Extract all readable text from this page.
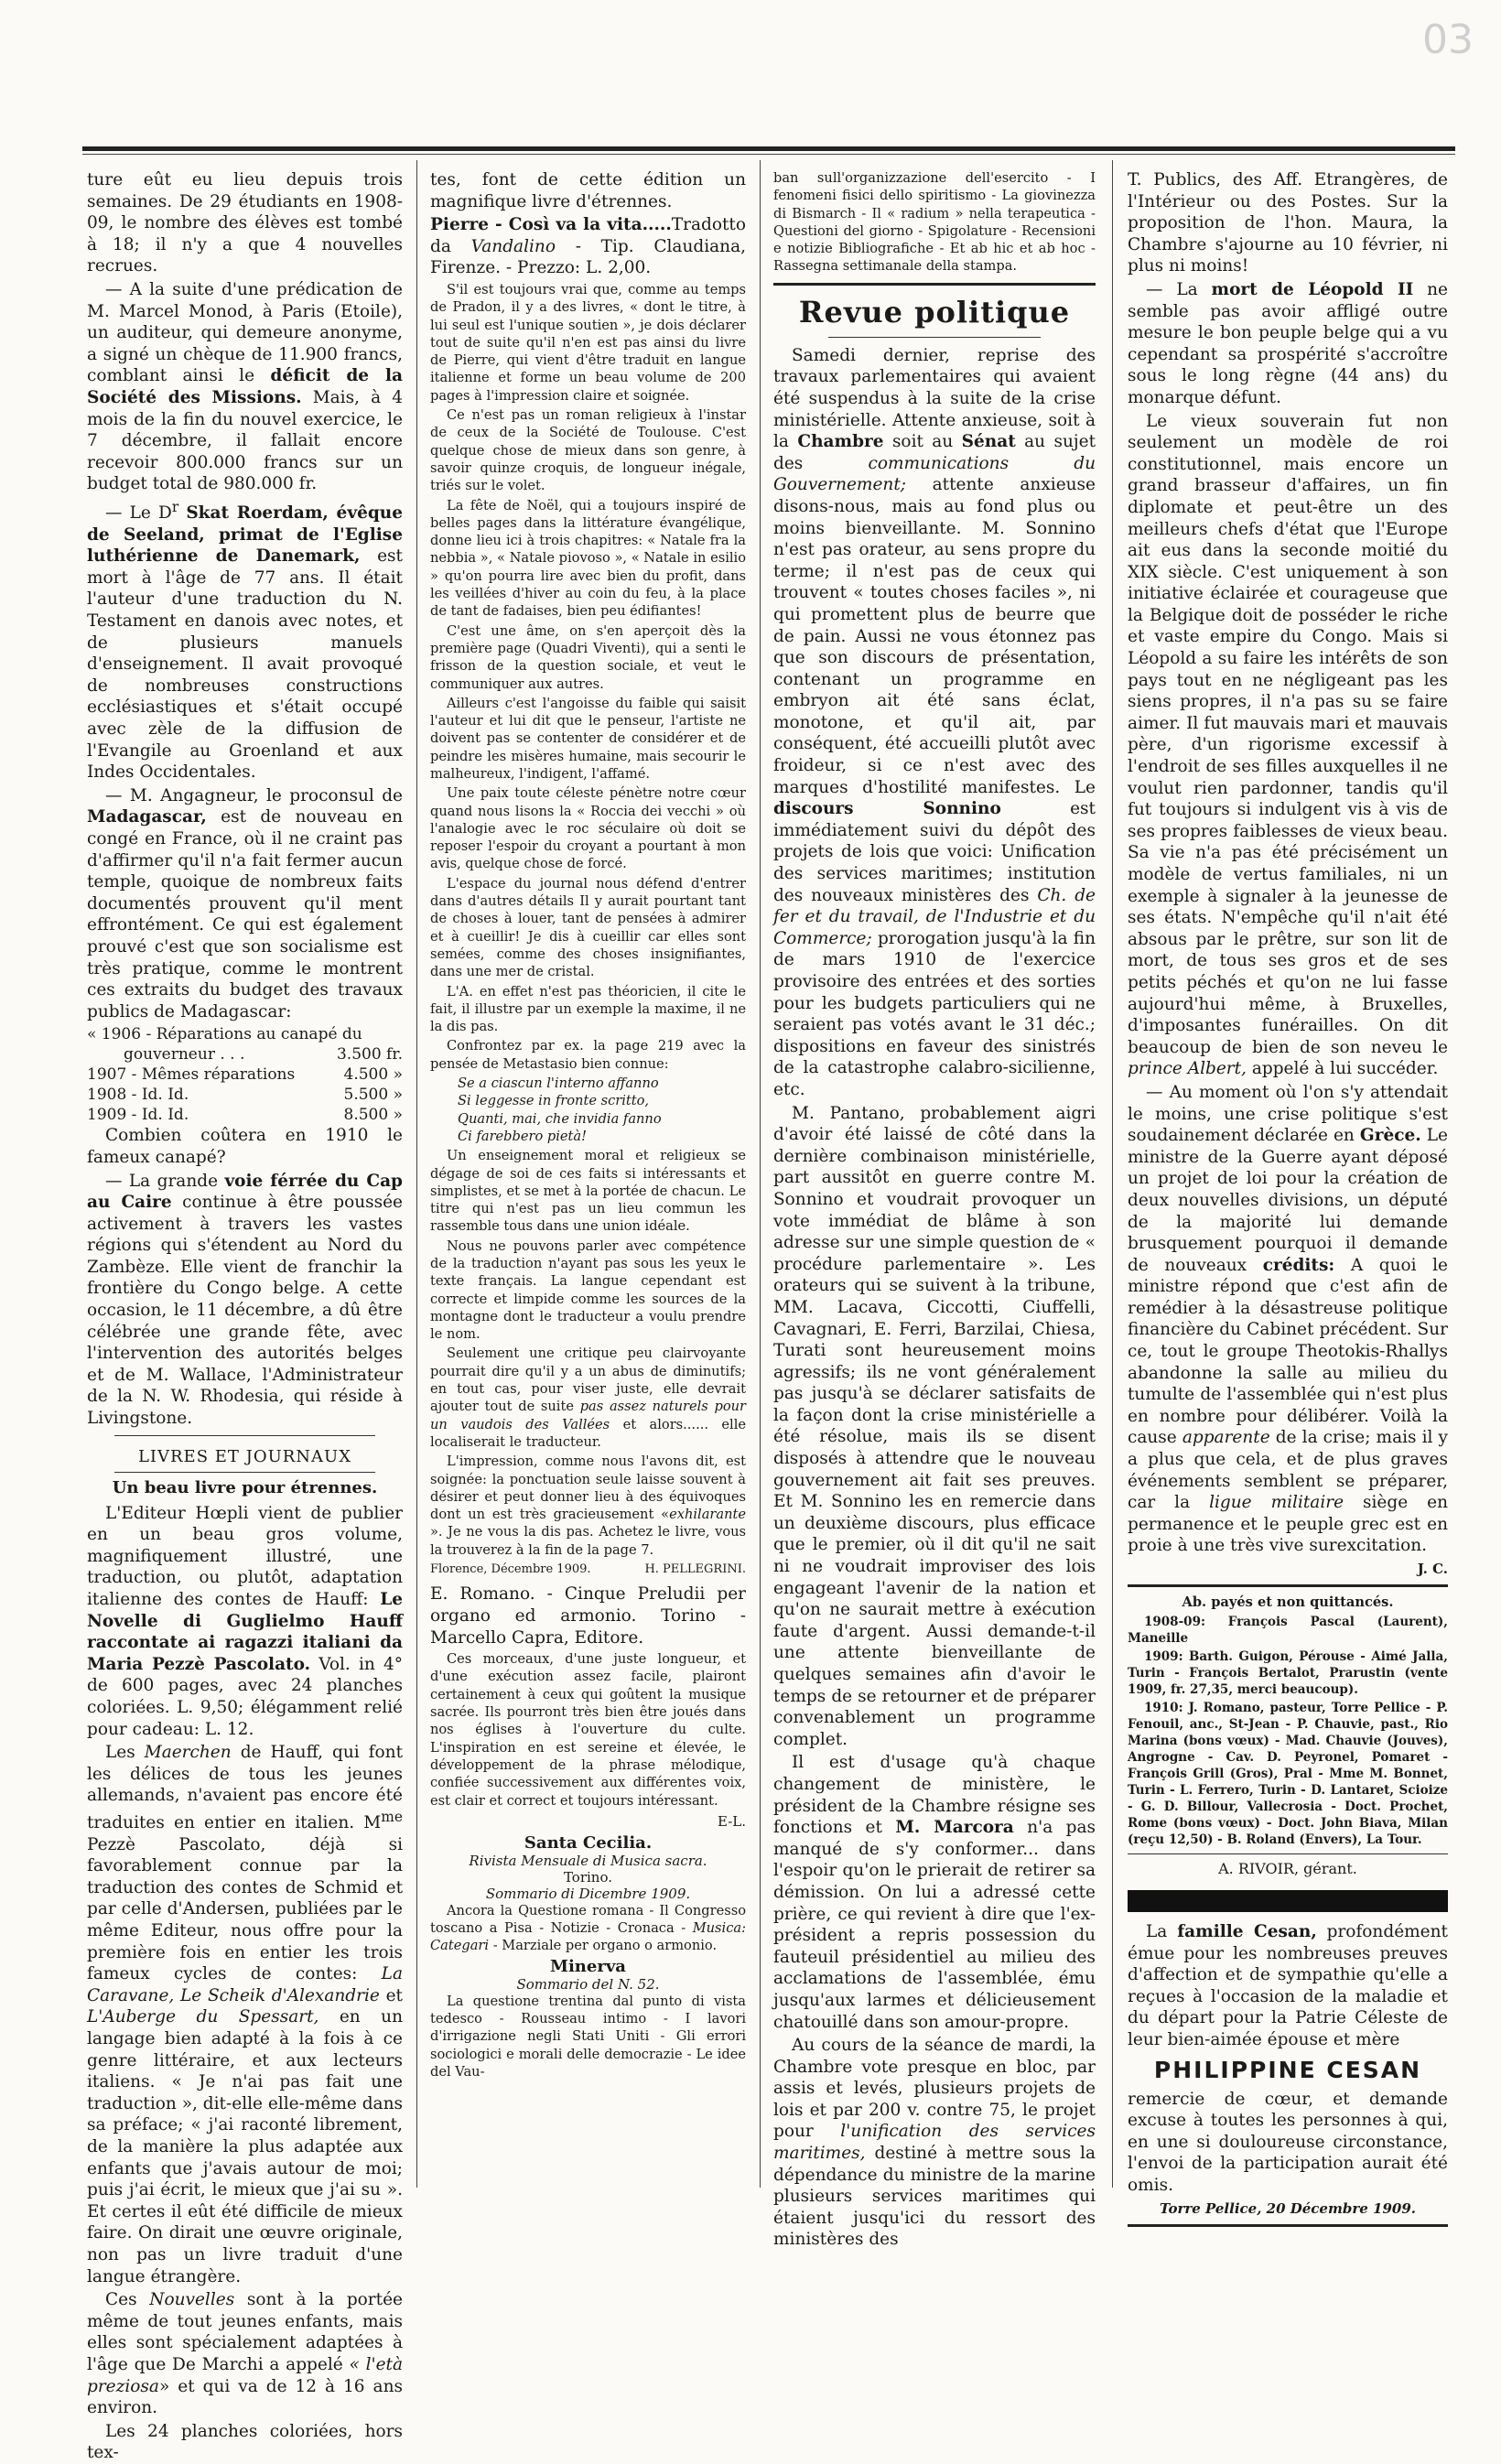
03

ture eût eu lieu depuis trois semaines. De 29 étudiants en 1908-09, le nombre des élèves est tombé à 18; il n'y a que 4 nouvelles recrues.

— A la suite d'une prédication de M. Marcel Monod, à Paris (Etoile), un auditeur, qui demeure anonyme, a signé un chèque de 11.900 francs, comblant ainsi le déficit de la Société des Missions. Mais, à 4 mois de la fin du nouvel exercice, le 7 décembre, il fallait encore recevoir 800.000 francs sur un budget total de 980.000 fr.

— Le $D^r$ Skat Roerdam, évêque de Seeland, primat de l'Eglise luthérienne de Danemark, est mort à l'âge de 77 ans. Il était l'auteur d'une traduction du N. Testament en danois avec notes, et de plusieurs manuels d'enseignement. Il avait provoqué de nombreuses constructions ecclésiastiques et s'était occupé avec zèle de la diffusion de l'Evangile au Groenland et aux Indes Occidentales.

— M. Angagneur, le proconsul de Madagascar, est de nouveau en congé en France, où il ne craint pas d'affirmer qu'il n'a fait fermer aucun temple, quoique de nombreux faits documentés prouvent qu'il ment effrontément. Ce qui est également prouvé c'est que son socialisme est très pratique, comme le montrent ces extraits du budget des travaux publics de Madagascar:

« 1906 - Réparations au canapé du
gouverneur . . .	3.500 fr.
1907 - Mêmes réparations	4.500 »
1908 - Id. Id.	5.500 »
1909 - Id. Id.	8.500 »

Combien coûtera en 1910 le fameux canapé?

— La grande voie férrée du Cap au Caire continue à être poussée activement à travers les vastes régions qui s'étendent au Nord du Zambèze. Elle vient de franchir la frontière du Congo belge. A cette occasion, le 11 décembre, a dû être célébrée une grande fête, avec l'intervention des autorités belges et de M. Wallace, l'Administrateur de la N. W. Rhodesia, qui réside à Livingstone.

LIVRES ET JOURNAUX
Un beau livre pour étrennes.

L'Editeur Hœpli vient de publier en un beau gros volume, magnifiquement illustré, une traduction, ou plutôt, adaptation italienne des contes de Hauff: Le Novelle di Guglielmo Hauff raccontate ai ragazzi italiani da Maria Pezzè Pascolato. Vol. in 4° de 600 pages, avec 24 planches coloriées. L. 9,50; élégamment relié pour cadeau: L. 12.

Les Maerchen de Hauff, qui font les délices de tous les jeunes allemands, n'avaient pas encore été traduites en entier en italien. $M^{me}$ Pezzè Pascolato, déjà si favorablement connue par la traduction des contes de Schmid et par celle d'Andersen, publiées par le même Editeur, nous offre pour la première fois en entier les trois fameux cycles de contes: La Caravane, Le Scheik d'Alexandrie et L'Auberge du Spessart, en un langage bien adapté à la fois à ce genre littéraire, et aux lecteurs italiens. « Je n'ai pas fait une traduction », dit-elle elle-même dans sa préface; « j'ai raconté librement, de la manière la plus adaptée aux enfants que j'avais autour de moi; puis j'ai écrit, le mieux que j'ai su ». Et certes il eût été difficile de mieux faire. On dirait une œuvre originale, non pas un livre traduit d'une langue étrangère.

Ces Nouvelles sont à la portée même de tout jeunes enfants, mais elles sont spécialement adaptées à l'âge que De Marchi a appelé « l'età preziosa» et qui va de 12 à 16 ans environ.

Les 24 planches coloriées, hors tex-

tes, font de cette édition un magnifique livre d'étrennes.

Pierre - Così va la vita.....Tradotto da Vandalino - Tip. Claudiana, Firenze. - Prezzo: L. 2,00.

S'il est toujours vrai que, comme au temps de Pradon, il y a des livres, « dont le titre, à lui seul est l'unique soutien », je dois déclarer tout de suite qu'il n'en est pas ainsi du livre de Pierre, qui vient d'être traduit en langue italienne et forme un beau volume de 200 pages à l'impression claire et soignée.

Ce n'est pas un roman religieux à l'instar de ceux de la Société de Toulouse. C'est quelque chose de mieux dans son genre, à savoir quinze croquis, de longueur inégale, triés sur le volet.

La fête de Noël, qui a toujours inspiré de belles pages dans la littérature évangélique, donne lieu ici à trois chapitres: « Natale fra la nebbia », « Natale piovoso », « Natale in esilio » qu'on pourra lire avec bien du profit, dans les veillées d'hiver au coin du feu, à la place de tant de fadaises, bien peu édifiantes!

C'est une âme, on s'en aperçoit dès la première page (Quadri Viventi), qui a senti le frisson de la question sociale, et veut le communiquer aux autres.

Ailleurs c'est l'angoisse du faible qui saisit l'auteur et lui dit que le penseur, l'artiste ne doivent pas se contenter de considérer et de peindre les misères humaine, mais secourir le malheureux, l'indigent, l'affamé.

Une paix toute céleste pénètre notre cœur quand nous lisons la « Roccia dei vecchi » où l'analogie avec le roc séculaire où doit se reposer l'espoir du croyant a pourtant à mon avis, quelque chose de forcé.

L'espace du journal nous défend d'entrer dans d'autres détails Il y aurait pourtant tant de choses à louer, tant de pensées à admirer et à cueillir! Je dis à cueillir car elles sont semées, comme des choses insignifiantes, dans une mer de cristal.

L'A. en effet n'est pas théoricien, il cite le fait, il illustre par un exemple la maxime, il ne la dis pas.

Confrontez par ex. la page 219 avec la pensée de Metastasio bien connue:

Se a ciascun l'interno affanno
Si leggesse in fronte scritto,
Quanti, mai, che invidia fanno
Ci farebbero pietà!

Un enseignement moral et religieux se dégage de soi de ces faits si intéressants et simplistes, et se met à la portée de chacun. Le titre qui n'est pas un lieu commun les rassemble tous dans une union idéale.

Nous ne pouvons parler avec compétence de la traduction n'ayant pas sous les yeux le texte français. La langue cependant est correcte et limpide comme les sources de la montagne dont le traducteur a voulu prendre le nom.

Seulement une critique peu clairvoyante pourrait dire qu'il y a un abus de diminutifs; en tout cas, pour viser juste, elle devrait ajouter tout de suite pas assez naturels pour un vaudois des Vallées et alors...... elle localiserait le traducteur.

L'impression, comme nous l'avons dit, est soignée: la ponctuation seule laisse souvent à désirer et peut donner lieu à des équivoques dont un est très gracieusement «exhilarante ». Je ne vous la dis pas. Achetez le livre, vous la trouverez à la fin de la page 7.

Florence, Décembre 1909.	H. PELLEGRINI.

E. Romano. - Cinque Preludii per organo ed armonio. Torino - Marcello Capra, Editore.

Ces morceaux, d'une juste longueur, et d'une exécution assez facile, plairont certainement à ceux qui goûtent la musique sacrée. Ils pourront très bien être joués dans nos églises à l'ouverture du culte. L'inspiration en est sereine et élevée, le développement de la phrase mélodique, confiée successivement aux différentes voix, est clair et correct et toujours intéressant.

E-L.
Santa Cecilia.
Rivista Mensuale di Musica sacra.
Torino.
Sommario di Dicembre 1909.

Ancora la Questione romana - Il Congresso toscano a Pisa - Notizie - Cronaca - Musica: Categari - Marziale per organo o armonio.

Minerva
Sommario del N. 52.

La questione trentina dal punto di vista tedesco - Rousseau intimo - I lavori d'irrigazione negli Stati Uniti - Gli errori sociologici e morali delle democrazie - Le idee del Vau-

ban sull'organizzazione dell'esercito - I fenomeni fisici dello spiritismo - La giovinezza di Bismarch - Il « radium » nella terapeutica - Questioni del giorno - Spigolature - Recensioni e notizie Bibliografiche - Et ab hic et ab hoc - Rassegna settimanale della stampa.

Revue politique

Samedi dernier, reprise des travaux parlementaires qui avaient été suspendus à la suite de la crise ministérielle. Attente anxieuse, soit à la Chambre soit au Sénat au sujet des	communications du Gouvernement; attente anxieuse disons-nous, mais au fond plus ou moins bienveillante. M. Sonnino n'est pas orateur, au sens propre du terme; il n'est pas de ceux qui trouvent « toutes choses faciles », ni qui promettent plus de beurre que de pain. Aussi ne vous étonnez pas que son discours de présentation, contenant un programme en embryon ait été sans éclat, monotone, et qu'il ait, par conséquent, été accueilli plutôt avec froideur, si ce n'est avec des marques d'hostilité manifestes. Le discours Sonnino	est immédiatement suivi du dépôt des projets de lois que voici: Unification des services maritimes; institution des nouveaux ministères des Ch. de fer et du travail, de l'Industrie et du Commerce; prorogation jusqu'à la fin de mars 1910 de l'exercice provisoire des entrées et des sorties pour les budgets particuliers qui ne seraient pas votés avant le 31 déc.; dispositions en faveur des sinistrés de la catastrophe calabro-sicilienne, etc.

M. Pantano, probablement aigri d'avoir été laissé de côté dans la dernière combinaison ministérielle, part aussitôt en guerre contre M. Sonnino et voudrait provoquer un vote immédiat de blâme à son adresse sur une simple question de « procédure parlementaire ». Les orateurs qui se suivent à la tribune, MM. Lacava, Ciccotti, Ciuffelli, Cavagnari, E. Ferri, Barzilai, Chiesa, Turati sont heureusement moins agressifs; ils ne vont généralement pas jusqu'à se déclarer satisfaits de la façon dont la crise ministérielle a été résolue, mais ils se disent disposés à attendre que le nouveau gouvernement ait fait ses preuves. Et M. Sonnino les en remercie dans un deuxième discours, plus efficace que le premier, où il dit qu'il ne sait ni ne voudrait improviser des lois engageant l'avenir de la nation et qu'on ne saurait mettre à exécution faute d'argent. Aussi demande-t-il une attente bienveillante de quelques semaines afin d'avoir le temps de se retourner et de préparer convenablement un programme complet.

Il est d'usage qu'à chaque changement de ministère, le président de la Chambre résigne ses fonctions et M. Marcora n'a pas manqué de s'y conformer... dans l'espoir qu'on le prierait de retirer sa démission. On lui a adressé cette prière, ce qui revient à dire que l'ex-président a repris possession du fauteuil présidentiel au milieu des acclamations de l'assemblée, ému jusqu'aux larmes et délicieusement chatouillé dans son amour-propre.

Au cours de la séance de mardi, la Chambre vote presque en bloc, par assis et levés, plusieurs projets de lois et par 200 v. contre 75, le projet pour l'unification des services maritimes, destiné à mettre sous la dépendance du ministre de la marine plusieurs services maritimes qui étaient jusqu'ici du ressort des ministères des

T. Publics, des Aff. Etrangères, de l'Intérieur ou des Postes. Sur la proposition de l'hon. Maura, la Chambre s'ajourne au 10 février, ni plus ni moins!

— La mort de Léopold II ne semble pas avoir affligé outre mesure le bon peuple belge qui a vu cependant sa prospérité s'accroître sous le long règne (44 ans) du monarque défunt.

Le vieux souverain fut non seulement un modèle de roi constitutionnel, mais encore un grand brasseur d'affaires, un fin diplomate et peut-être un des meilleurs chefs d'état que l'Europe ait eus dans la seconde moitié du XIX siècle. C'est uniquement à son initiative éclairée et courageuse que la Belgique doit de posséder le riche et vaste empire du Congo. Mais si Léopold a su faire les intérêts de son pays tout en ne négligeant pas les siens propres, il n'a pas su se faire aimer. Il fut mauvais mari et mauvais père, d'un rigorisme excessif à l'endroit de ses filles auxquelles il ne voulut rien pardonner, tandis qu'il fut toujours si indulgent vis à vis de ses propres faiblesses de vieux beau. Sa vie n'a pas été précisément un modèle de vertus familiales, ni un exemple à signaler à la jeunesse de ses états. N'empêche qu'il n'ait été absous par le prêtre, sur son lit de mort, de tous ses gros et de ses petits péchés et qu'on ne lui fasse aujourd'hui même, à Bruxelles, d'imposantes funérailles. On dit beaucoup de bien de son neveu le prince Albert, appelé à lui succéder.

— Au moment où l'on s'y attendait le moins, une crise politique s'est soudainement déclarée en Grèce. Le ministre de la Guerre ayant déposé un projet de loi pour la création de deux nouvelles divisions, un député de la majorité lui demande brusquement pourquoi il demande de nouveaux crédits: A quoi le ministre répond que c'est afin de remédier à la désastreuse politique financière du Cabinet précédent. Sur ce, tout le groupe Theotokis-Rhallys abandonne la salle au milieu du tumulte de l'assemblée qui n'est plus en nombre pour délibérer. Voilà la cause apparente de la crise; mais il y a plus que cela, et de plus graves événements semblent se préparer, car la ligue militaire siège en permanence et le peuple grec est en proie à une très vive surexcitation.

J. C.
Ab. payés et non quittancés.

1908-09: François Pascal (Laurent), Maneille

1909: Barth. Guigon, Pérouse - Aimé Jalla, Turin - François Bertalot, Prarustin (vente 1909, fr. 27,35, merci beaucoup).

1910: J. Romano, pasteur, Torre Pellice - P. Fenouil, anc., St-Jean - P. Chauvie, past., Rio Marina (bons vœux) - Mad. Chauvie (Jouves), Angrogne - Cav. D. Peyronel, Pomaret - François Grill (Gros), Pral - Mme M. Bonnet, Turin - L. Ferrero, Turin - D. Lantaret, Scioize - G. D. Billour, Vallecrosia - Doct. Prochet, Rome (bons vœux) - Doct. John Biava, Milan (reçu 12,50) - B. Roland (Envers), La Tour.

A. RIVOIR, gérant.

La famille Cesan, profondément émue pour les nombreuses preuves d'affection et de sympathie qu'elle a reçues à l'occasion de la maladie et du départ pour la Patrie Céleste de leur bien-aimée épouse et mère

PHILIPPINE CESAN

remercie de cœur, et demande excuse à toutes les personnes à qui, en une si douloureuse circonstance, l'envoi de la participation aurait été omis.

Torre Pellice, 20 Décembre 1909.
